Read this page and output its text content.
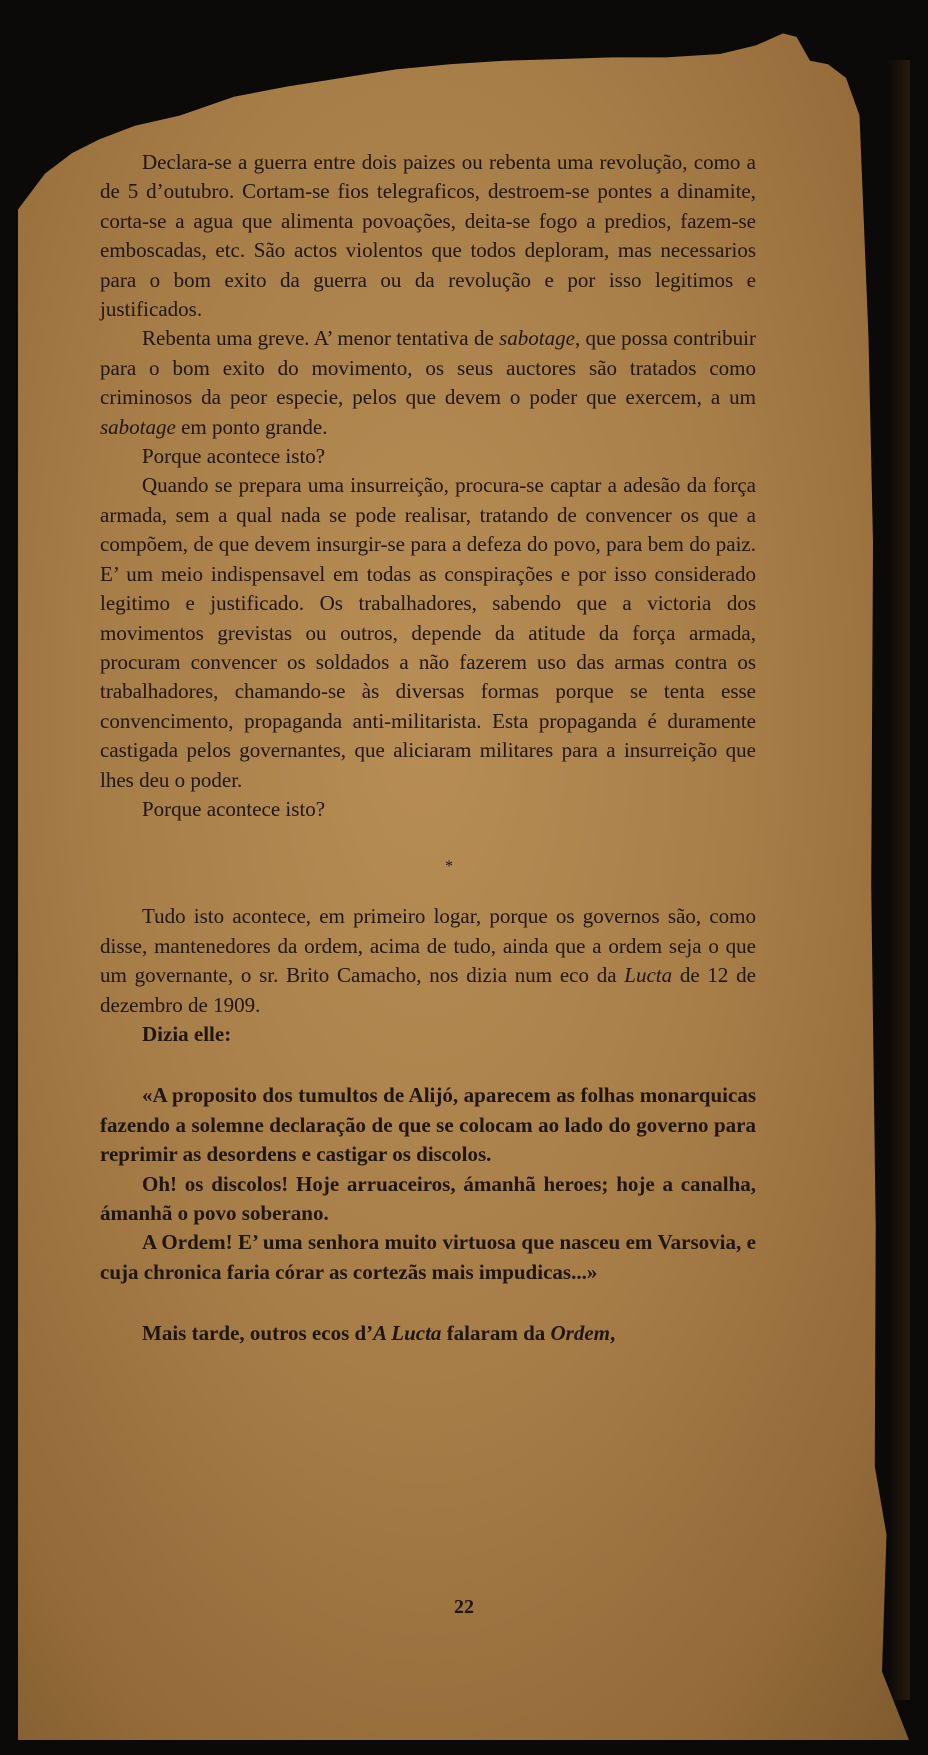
Declara-se a guerra entre dois paizes ou rebenta uma revolução, como a de 5 d’outubro. Cortam-se fios telegraficos, destroem-se pontes a dinamite, corta-se a agua que alimenta povoações, deita-se fogo a predios, fazem-se emboscadas, etc. São actos violentos que todos deploram, mas necessarios para o bom exito da guerra ou da revolução e por isso legitimos e justificados.

Rebenta uma greve. A’ menor tentativa de sabotage, que possa contribuir para o bom exito do movimento, os seus auctores são tratados como criminosos da peor especie, pelos que devem o poder que exercem, a um sabotage em ponto grande.

Porque acontece isto?

Quando se prepara uma insurreição, procura-se captar a adesão da força armada, sem a qual nada se pode realisar, tratando de convencer os que a compõem, de que devem insurgir-se para a defeza do povo, para bem do paiz. E’ um meio indispensavel em todas as conspirações e por isso considerado legitimo e justificado. Os trabalhadores, sabendo que a victoria dos movimentos grevistas ou outros, depende da atitude da força armada, procuram convencer os soldados a não fazerem uso das armas contra os trabalhadores, chamando-se às diversas formas porque se tenta esse convencimento, propaganda anti-militarista. Esta propaganda é duramente castigada pelos governantes, que aliciaram militares para a insurreição que lhes deu o poder.

Porque acontece isto?

*

Tudo isto acontece, em primeiro logar, porque os governos são, como disse, mantenedores da ordem, acima de tudo, ainda que a ordem seja o que um governante, o sr. Brito Camacho, nos dizia num eco da Lucta de 12 de dezembro de 1909.

Dizia elle:

«A proposito dos tumultos de Alijó, aparecem as folhas monarquicas fazendo a solemne declaração de que se colocam ao lado do governo para reprimir as desordens e castigar os discolos.

Oh! os discolos! Hoje arruaceiros, ámanhã heroes; hoje a canalha, ámanhã o povo soberano.

A Ordem! E’ uma senhora muito virtuosa que nasceu em Varsovia, e cuja chronica faria córar as cortezãs mais impudicas...»

Mais tarde, outros ecos d’A Lucta falaram da Ordem,

22
